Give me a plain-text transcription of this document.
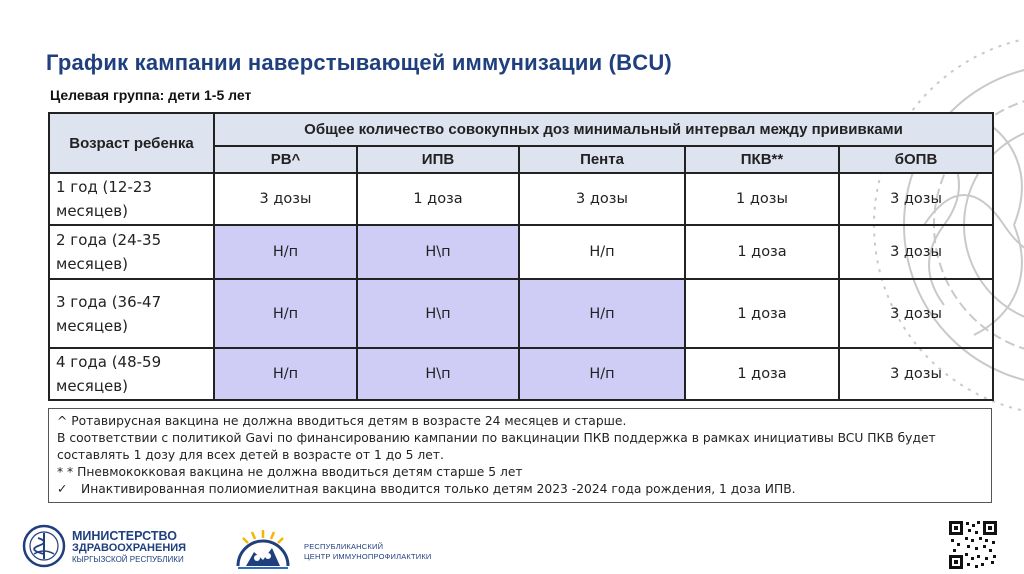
График кампании наверстывающей иммунизации (BCU)
Целевая группа: дети 1-5 лет
Возраст ребенка	Общее количество совокупных доз минимальный интервал между прививками				
	РВ^	ИПВ	Пента	ПКВ**	бОПВ
1 год (12-23
месяцев)	3 дозы	1 доза	3 дозы	1 дозы	3 дозы
2 года (24-35
месяцев)	Н/п	Н\п	Н/п	1 доза	3 дозы
3 года (36-47
месяцев)	Н/п	Н\п	Н/п	1 доза	3 дозы
4 года (48-59
месяцев)	Н/п	Н\п	Н/п	1 доза	3 дозы
^ Ротавирусная вакцина не должна вводиться детям в возрасте 24 месяцев и старше.
В соответствии с политикой Gavi по финансированию кампании по вакцинации ПКВ поддержка в рамках инициативы BCU ПКВ будет составлять 1 дозу для всех детей в возрасте от 1 до 5 лет.
* * Пневмококковая вакцина не должна вводиться детям старше 5 лет
✓ Инактивированная полиомиелитная вакцина вводится только детям 2023 -2024 года рождения, 1 доза ИПВ.
МИНИСТЕРСТВО
ЗДРАВООХРАНЕНИЯ
КЫРГЫЗСКОЙ РЕСПУБЛИКИ
РЕСПУБЛИКАНСКИЙ
ЦЕНТР ИММУНОПРОФИЛАКТИКИ
